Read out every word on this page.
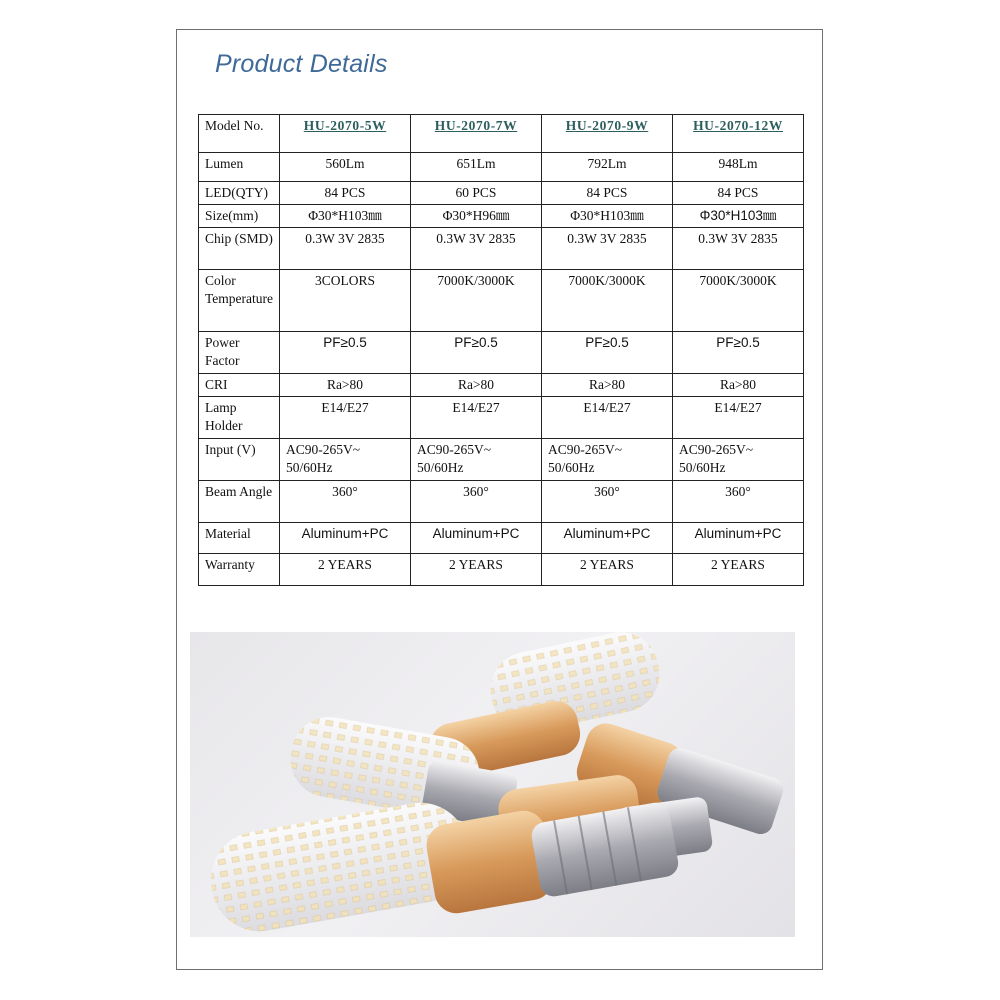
Product Details
Model No.	HU-2070-5W	HU-2070-7W	HU-2070-9W	HU-2070-12W
Lumen	560Lm	651Lm	792Lm	948Lm
LED(QTY)	84 PCS	60 PCS	84 PCS	84 PCS
Size(mm)	Φ30*H103㎜	Φ30*H96㎜	Φ30*H103㎜	Φ30*H103㎜
Chip (SMD)	0.3W 3V 2835	0.3W 3V 2835	0.3W 3V 2835	0.3W 3V 2835
Color Temperature	3COLORS	7000K/3000K	7000K/3000K	7000K/3000K
Power Factor	PF≥0.5	PF≥0.5	PF≥0.5	PF≥0.5
CRI	Ra>80	Ra>80	Ra>80	Ra>80
Lamp Holder	E14/E27	E14/E27	E14/E27	E14/E27
Input (V)	AC90-265V~ 50/60Hz	AC90-265V~ 50/60Hz	AC90-265V~ 50/60Hz	AC90-265V~ 50/60Hz
Beam Angle	360°	360°	360°	360°
Material	Aluminum+PC	Aluminum+PC	Aluminum+PC	Aluminum+PC
Warranty	2 YEARS	2 YEARS	2 YEARS	2 YEARS
